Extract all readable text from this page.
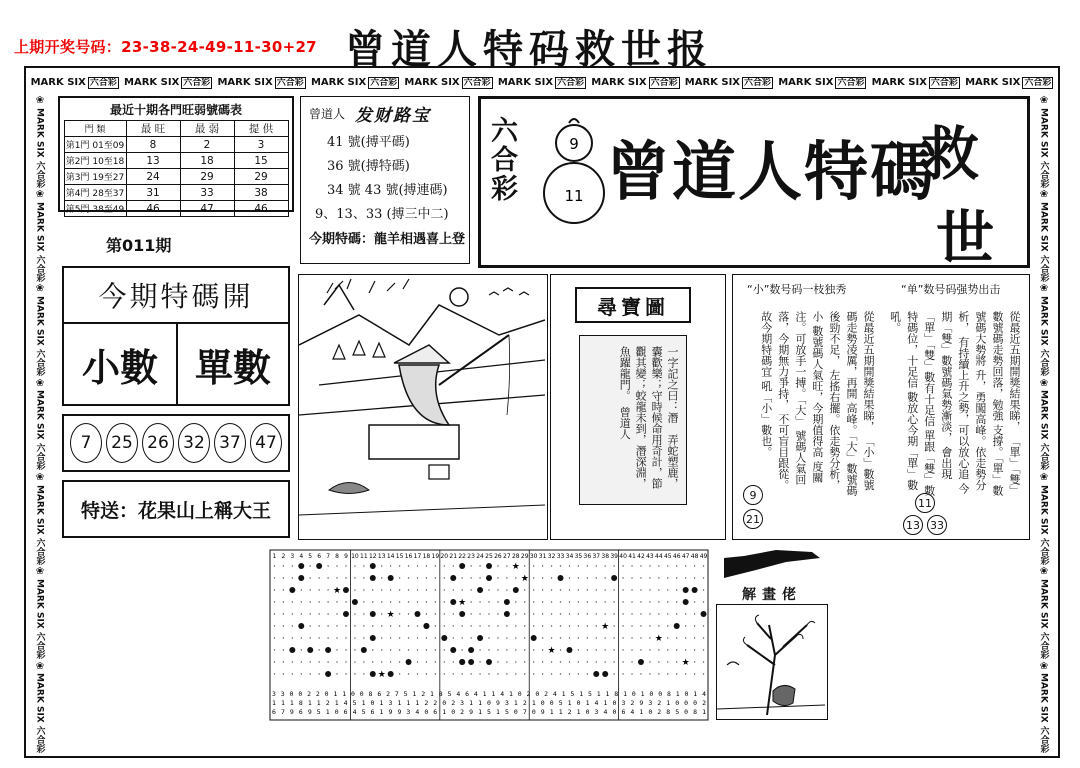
上期开奖号码：23-38-24-49-11-30+27 曾道人特码救世报
MARK SIX 六合彩 MARK SIX 六合彩 MARK SIX 六合彩 MARK SIX 六合彩 MARK SIX 六合彩 MARK SIX 六合彩 MARK SIX 六合彩 MARK SIX 六合彩 MARK SIX 六合彩 MARK SIX 六合彩 MARK SIX 六合彩
❀
MARK SIX 六合彩
❀
MARK SIX 六合彩
❀
MARK SIX 六合彩
❀
MARK SIX 六合彩
❀
MARK SIX 六合彩
❀
MARK SIX 六合彩
❀
MARK SIX 六合彩
❀
MARK SIX 六合彩
❀
MARK SIX 六合彩
❀
MARK SIX 六合彩
❀
MARK SIX 六合彩
❀
MARK SIX 六合彩
❀
MARK SIX 六合彩
❀
MARK SIX 六合彩
最近十期各門旺弱號碼表
門 類	最 旺	最 弱	提 供
第1門 01至09	8	2	3
第2門 10至18	13	18	15
第3門 19至27	24	29	29
第4門 28至37	31	33	38
第5門 38至49	46	47	46
曾道人 发财路宝
41 號(搏平碼)
36 號(搏特碼)
34 號 43 號(搏連碼)
9、13、33 (搏三中二)
今期特碼：龍羊相遇喜上登
六合彩
9
11 曾道人特碼
救
世
第011期
今期特碼開
小數 單數
7	25 26 32 37 47
特送：花果山上稱大王
尋寶圖
一字記之曰：潛　弄蛇塑鹿，囊歡樂；守時候命用奇計，節觀其變；蛟龍未到，潛深淵，魚躍龍門。　曾道人
“小”数号码一枝独秀	“单”数号码强势出击
從最近五期開獎結果睇， 「小」數號碼走勢凌厲，再開 高峰。「大」數號碼後勁不足， 左搖右擺。依走勢分析，小 數號碼人氣旺，今期值得高 度關注。可放手一搏。「大」 號碼人氣回落，今期無力爭持， 不可盲目跟從。故今期特碼宜 吼「小」數也。	從最近五期開獎結果睇， 「單」「雙」數號碼走勢回落，勉強 支撐。「單」數號碼大勢將 升，勇闖高峰。依走勢分析， 有持續上升之勢，可以放心追 今期「雙」數號碼氣勢漸淡， 會出現「單」「雙」數有十足信 單跟「雙」數特碼位，十足信 數放心今期「單」數吼。
9
21
11
13 33
1 2 3 4 5 6 7 8 9 10 11 12 13 14 15 16 17 18 19 20 21 22 23 24 25 26 27 28 29 30 31 32 33 34 35 36 37 38 39 40 41 42 43 44 45 46 47 48 49
★
★
★
★
★
★
★
★
★
★
3 3 0 0 2 2 0 1 1 0 0 8 6 2 7 5 1 2 1 8 5 4 6 4 1 1 4 1 0 2 0 2 4 1 5 1 5 1 1 8 1 0 1 0 0 8 1 0 1 4
1 1 1 8 1 1 2 1 4 5 1 0 1 3 1 1 1 2 2 0 2 3 1 1 0 9 3 1 2 1 0 0 5 1 0 1 4 1 0 3 2 9 3 2 1 0 0 0 2
6 7 9 6 9 5 1 0 6 4 5 6 1 9 9 3 4 0 6 1 0 2 9 1 5 1 5 0 7 0 9 1 1 2 1 0 3 4 0 6 4 1 0 2 8 5 0 8 1
解畫佬
